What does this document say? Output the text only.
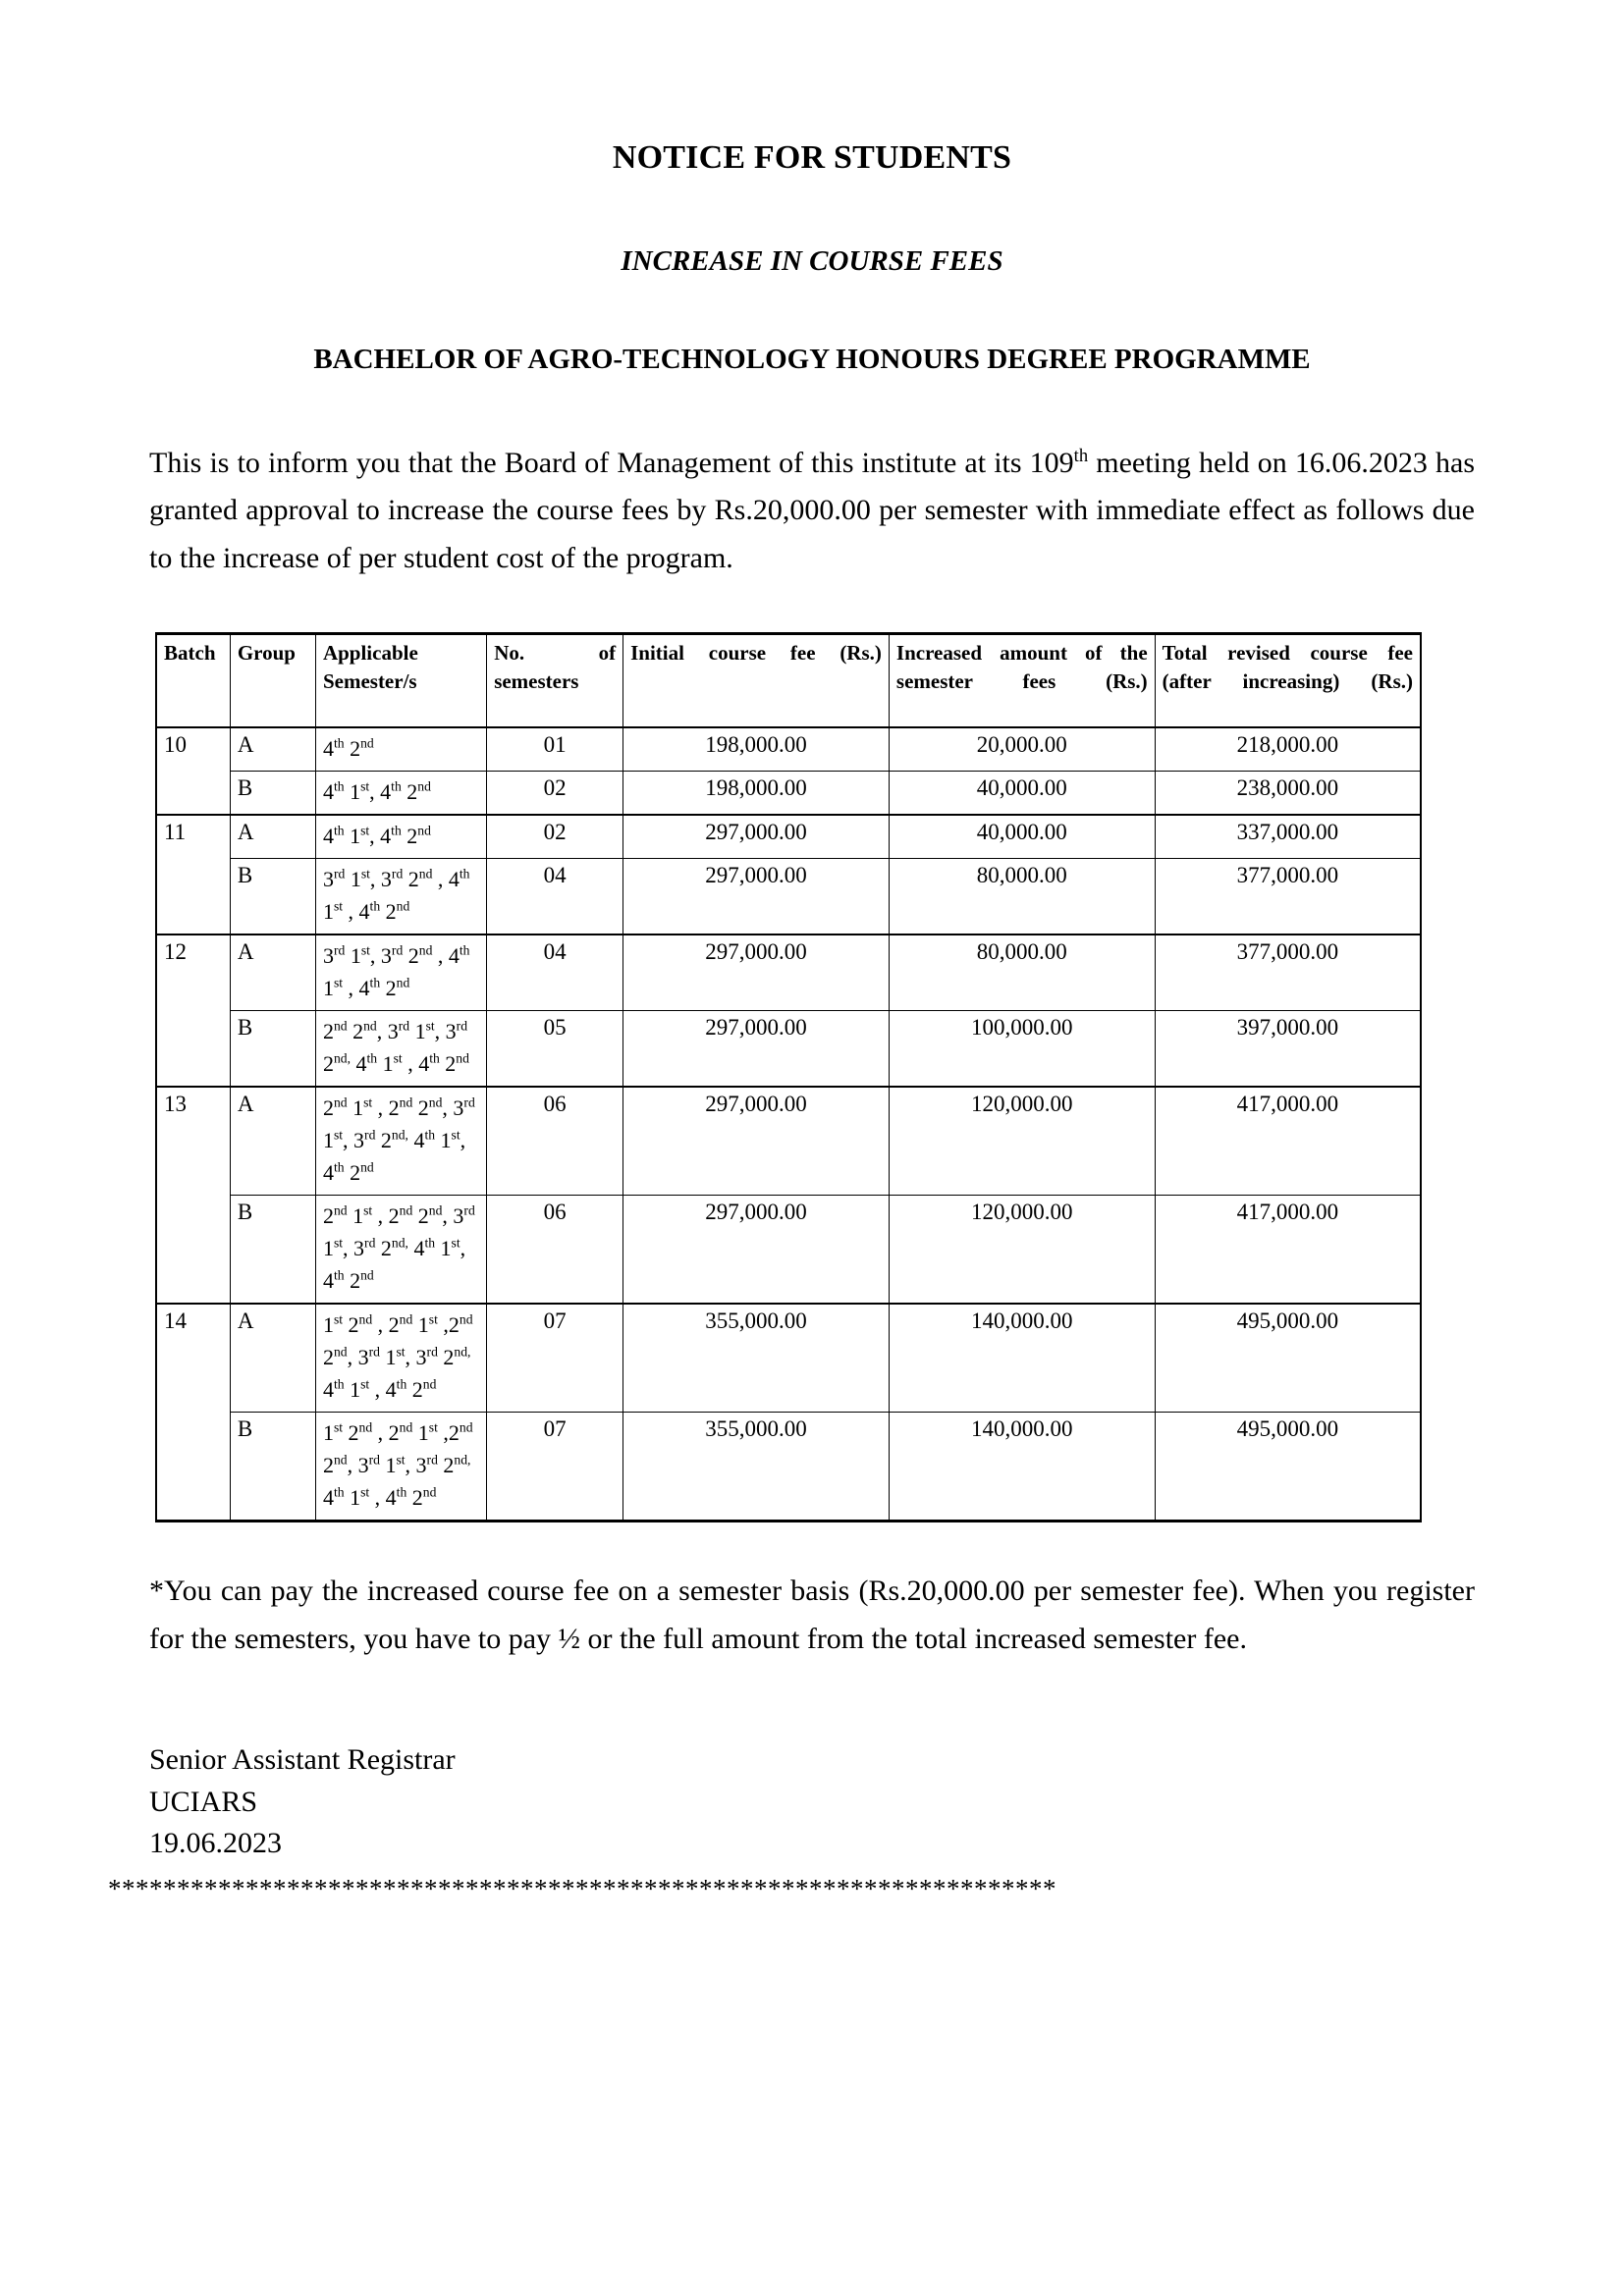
NOTICE FOR STUDENTS
INCREASE IN COURSE FEES
BACHELOR OF AGRO-TECHNOLOGY HONOURS DEGREE PROGRAMME

This is to inform you that the Board of Management of this institute at its 109th meeting held on 16.06.2023 has granted approval to increase the course fees by Rs.20,000.00 per semester with immediate effect as follows due to the increase of per student cost of the program.

Batch	Group	Applicable Semester/s	No. of semesters	Initial course fee (Rs.)	Increased amount of the semester fees (Rs.)	Total revised course fee (after increasing) (Rs.)
10	A	4th 2nd	01	198,000.00	20,000.00	218,000.00
	B	4th 1st, 4th 2nd	02	198,000.00	40,000.00	238,000.00
11	A	4th 1st, 4th 2nd	02	297,000.00	40,000.00	337,000.00
	B	3rd 1st, 3rd 2nd , 4th 1st , 4th 2nd	04	297,000.00	80,000.00	377,000.00
12	A	3rd 1st, 3rd 2nd , 4th 1st , 4th 2nd	04	297,000.00	80,000.00	377,000.00
	B	2nd 2nd, 3rd 1st, 3rd $2^{nd,}$ 4th 1st , 4th 2nd	05	297,000.00	100,000.00	397,000.00
13	A	2nd 1st , 2nd 2nd, 3rd 1st, 3rd $2^{nd,}$ 4th 1st, 4th 2nd	06	297,000.00	120,000.00	417,000.00
	B	2nd 1st , 2nd 2nd, 3rd 1st, 3rd $2^{nd,}$ 4th 1st, 4th 2nd	06	297,000.00	120,000.00	417,000.00
14	A	1st 2nd , 2nd 1st ,2nd 2nd, 3rd 1st, 3rd $2^{nd,}$ 4th 1st , 4th 2nd	07	355,000.00	140,000.00	495,000.00
	B	1st 2nd , 2nd 1st ,2nd 2nd, 3rd 1st, 3rd $2^{nd,}$ 4th 1st , 4th 2nd	07	355,000.00	140,000.00	495,000.00

*You can pay the increased course fee on a semester basis (Rs.20,000.00 per semester fee). When you register for the semesters, you have to pay ½ or the full amount from the total increased semester fee.

Senior Assistant Registrar

UCIARS

19.06.2023

*********************************************************************
